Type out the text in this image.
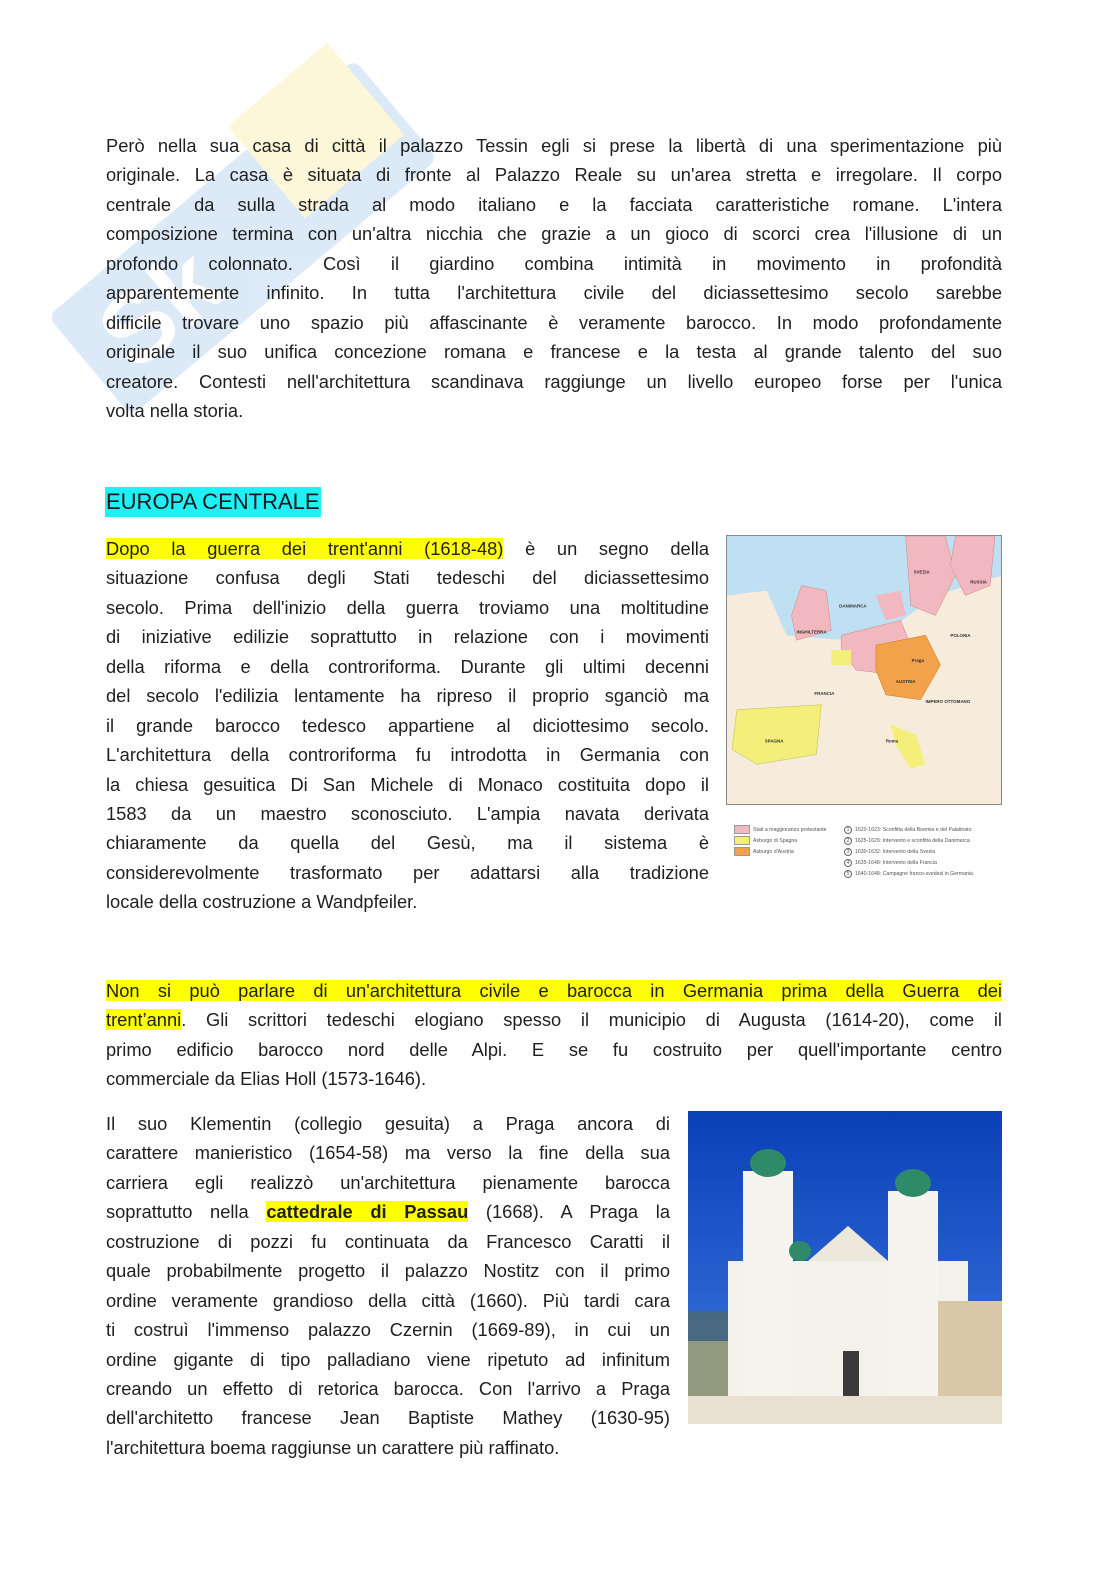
Sk
Però nella sua casa di città il palazzo Tessin egli si prese la libertà di una sperimentazione più
originale. La casa è situata di fronte al Palazzo Reale su un'area stretta e irregolare. Il corpo
centrale da sulla strada al modo italiano e la facciata caratteristiche romane. L'intera
composizione termina con un'altra nicchia che grazie a un gioco di scorci crea l'illusione di un
profondo colonnato. Così il giardino combina intimità in movimento in profondità
apparentemente infinito. In tutta l'architettura civile del diciassettesimo secolo sarebbe
difficile trovare uno spazio più affascinante è veramente barocco. In modo profondamente
originale il suo unifica concezione romana e francese e la testa al grande talento del suo
creatore. Contesti nell'architettura scandinava raggiunge un livello europeo forse per l'unica
volta nella storia.
EUROPA CENTRALE
Dopo la guerra dei trent'anni (1618-48) è un segno della
situazione confusa degli Stati tedeschi del diciassettesimo
secolo. Prima dell'inizio della guerra troviamo una moltitudine
di iniziative edilizie soprattutto in relazione con i movimenti
della riforma e della controriforma. Durante gli ultimi decenni
del secolo l'edilizia lentamente ha ripreso il proprio sganciò ma
il grande barocco tedesco appartiene al diciottesimo secolo.
L'architettura della controriforma fu introdotta in Germania con
la chiesa gesuitica Di San Michele di Monaco costituita dopo il
1583 da un maestro sconosciuto. L'ampia navata derivata
chiaramente da quella del Gesù, ma il sistema è
considerevolmente trasformato per adattarsi alla tradizione
locale della costruzione a Wandpfeiler.
SVEZIA
RUSSIA
DANIMARCA
INGHILTERRA
POLONIA
Praga
AUSTRIA
FRANCIA
IMPERO OTTOMANO
SPAGNA	Roma
Stati a maggioranza protestante
Asburgo di Spagna
Asburgo d'Austria
1	1620-1623: Sconfitta della Boemia e del Palatinato
2	1625-1629: Intervento e sconfitta della Danimarca
3	1630-1632: Intervento della Svezia
4	1635-1648: Intervento della Francia
5	1640-1648: Campagne franco-svedesi in Germania
Non si può parlare di un'architettura civile e barocca in Germania prima della Guerra dei
trent’anni. Gli scrittori tedeschi elogiano spesso il municipio di Augusta (1614-20), come il
primo edificio barocco nord delle Alpi. E se fu costruito per quell'importante centro
commerciale da Elias Holl (1573-1646).
Il suo Klementin (collegio gesuita) a Praga ancora di
carattere manieristico (1654-58) ma verso la fine della sua
carriera egli realizzò un'architettura pienamente barocca
soprattutto nella cattedrale di Passau (1668). A Praga la
costruzione di pozzi fu continuata da Francesco Caratti il
quale probabilmente progetto il palazzo Nostitz con il primo
ordine veramente grandioso della città (1660). Più tardi cara
ti costruì l'immenso palazzo Czernin (1669-89), in cui un
ordine gigante di tipo palladiano viene ripetuto ad infinitum
creando un effetto di retorica barocca. Con l'arrivo a Praga
dell'architetto francese Jean Baptiste Mathey (1630-95)
l'architettura boema raggiunse un carattere più raffinato.
